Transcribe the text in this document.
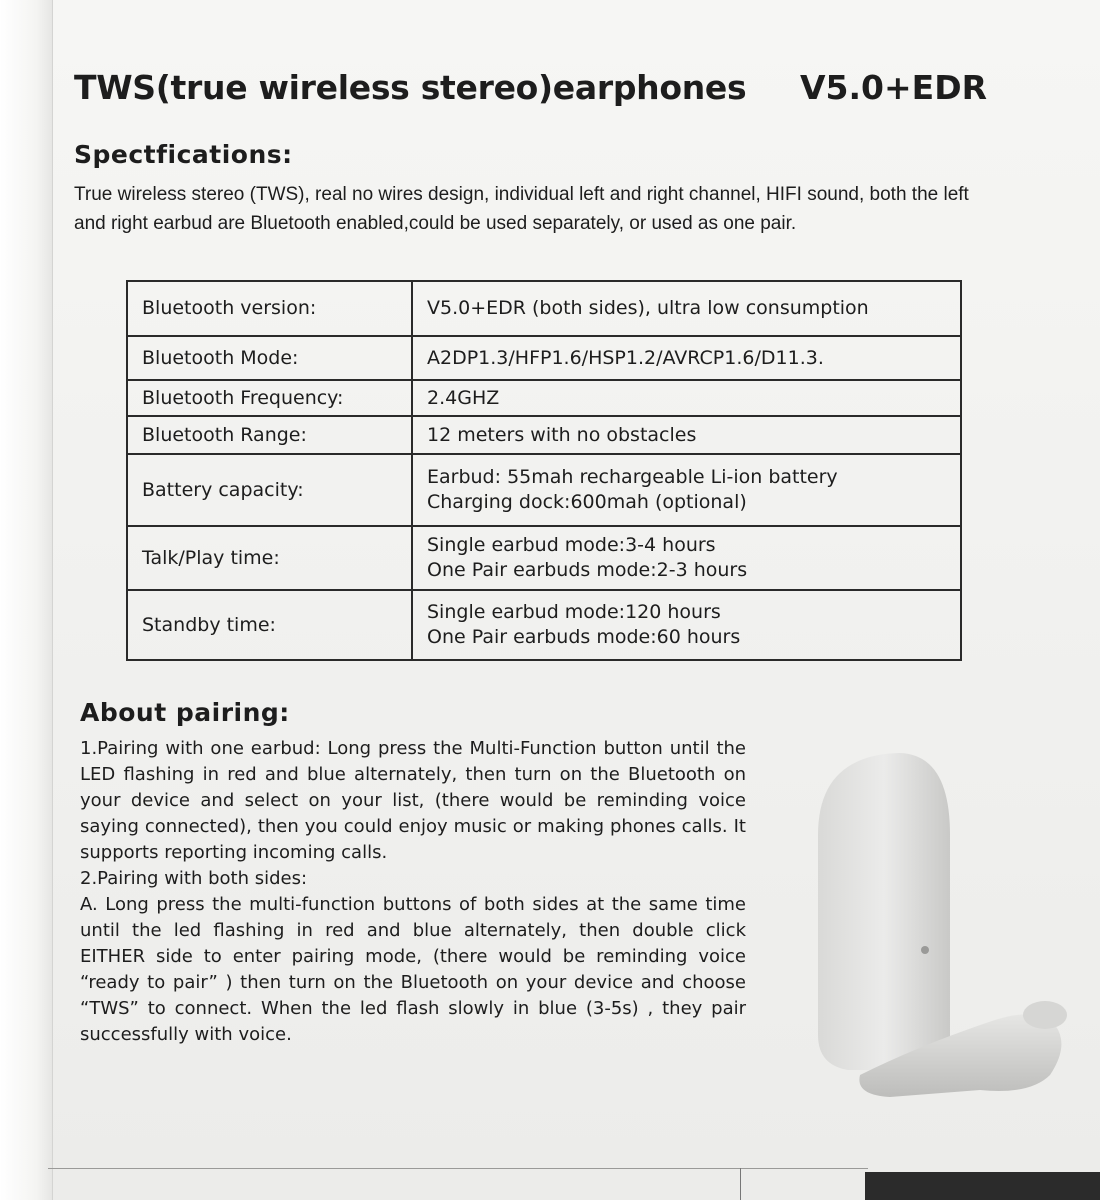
TWS(true wireless stereo)earphones V5.0+EDR
Spectfications:

True wireless stereo (TWS), real no wires design, individual left and right channel, HIFI sound, both the left and right earbud are Bluetooth enabled,could be used separately, or used as one pair.

Bluetooth version:	V5.0+EDR (both sides), ultra low consumption

Bluetooth Mode:	A2DP1.3/HFP1.6/HSP1.2/AVRCP1.6/D11.3.

Bluetooth Frequency:	2.4GHZ

Bluetooth Range:	12 meters with no obstacles

Battery capacity:	Earbud: 55mah rechargeable Li-ion battery
Charging dock:600mah (optional)

Talk/Play time:	Single earbud mode:3-4 hours
One Pair earbuds mode:2-3 hours

Standby time:	Single earbud mode:120 hours
One Pair earbuds mode:60 hours
About pairing:

1.Pairing with one earbud: Long press the Multi-Function button until the LED flashing in red and blue alternately, then turn on the Bluetooth on your device and select on your list, (there would be reminding voice saying connected), then you could enjoy music or making phones calls. It supports reporting incoming calls.

2.Pairing with both sides:

A. Long press the multi-function buttons of both sides at the same time until the led flashing in red and blue alternately, then double click EITHER side to enter pairing mode, (there would be reminding voice “ready to pair” ) then turn on the Bluetooth on your device and choose “TWS” to connect. When the led flash slowly in blue (3-5s) , they pair successfully with voice.
